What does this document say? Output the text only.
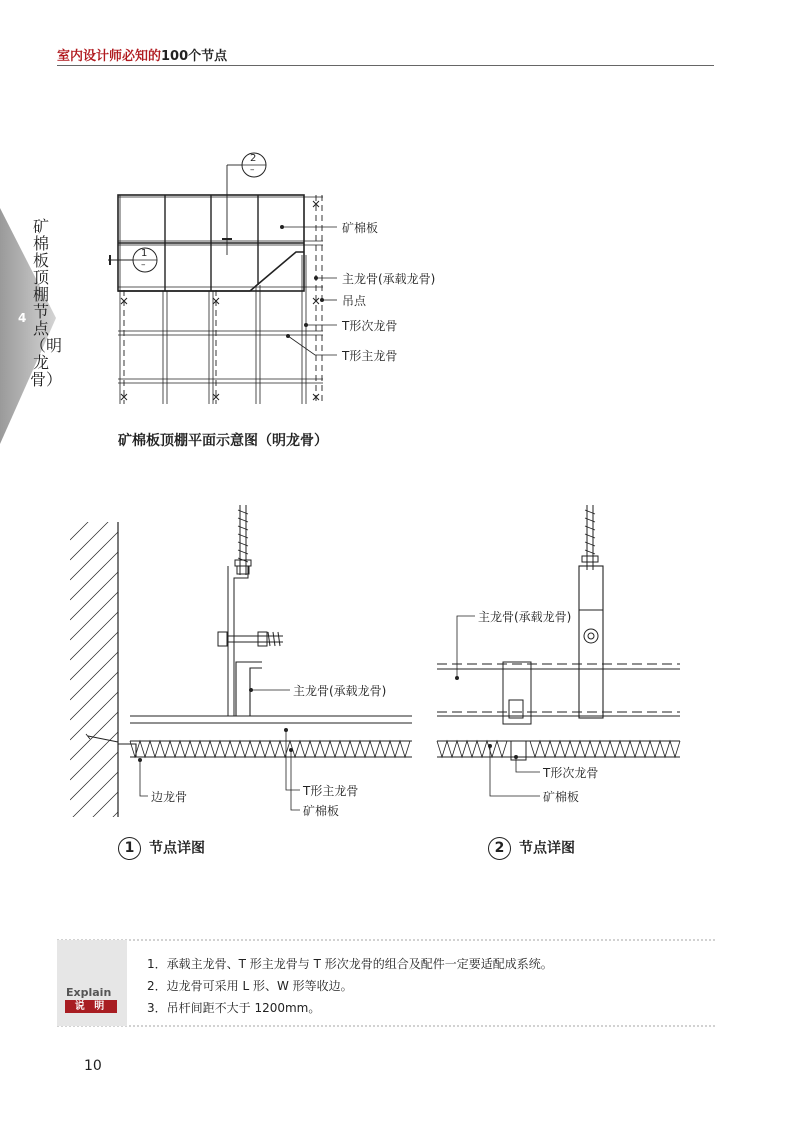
室内设计师必知的100个节点
4
矿棉板顶棚节点（明龙骨）
2
–
1
–
矿棉板
主龙骨(承载龙骨)
吊点
T形次龙骨
T形主龙骨
矿棉板顶棚平面示意图（明龙骨）
主龙骨(承载龙骨)
T形主龙骨
矿棉板
边龙骨
1 节点详图
主龙骨(承载龙骨)
T形次龙骨
矿棉板
2 节点详图
Explain
说 明
1．承载主龙骨、T 形主龙骨与 T 形次龙骨的组合及配件一定要适配成系统。
2．边龙骨可采用 L 形、W 形等收边。
3．吊杆间距不大于 1200mm。
10
